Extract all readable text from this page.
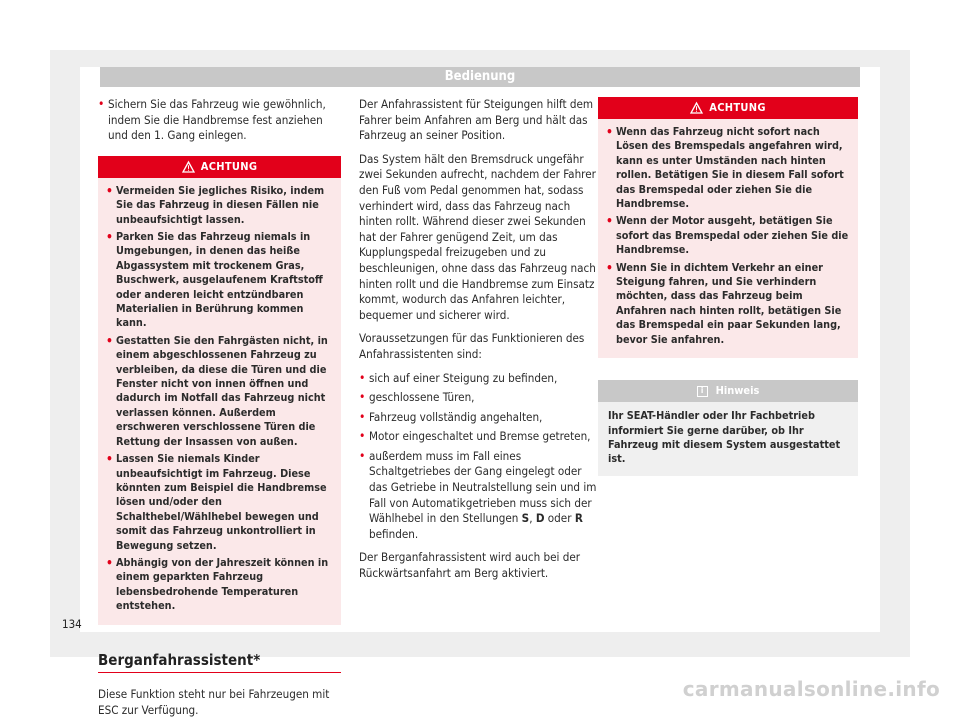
Bedienung
• Sichern Sie das Fahrzeug wie gewöhnlich, indem Sie die Handbremse fest anziehen und den 1. Gang einlegen.
ACHTUNG
• Vermeiden Sie jegliches Risiko, indem Sie das Fahrzeug in diesen Fällen nie unbeaufsichtigt lassen.
• Parken Sie das Fahrzeug niemals in Umgebungen, in denen das heiße Abgassystem mit trockenem Gras, Buschwerk, ausgelaufenem Kraftstoff oder anderen leicht entzündbaren Materialien in Berührung kommen kann.
• Gestatten Sie den Fahrgästen nicht, in einem abgeschlossenen Fahrzeug zu verbleiben, da diese die Türen und die Fenster nicht von innen öffnen und dadurch im Notfall das Fahrzeug nicht verlassen können. Außerdem erschweren verschlossene Türen die Rettung der Insassen von außen.
• Lassen Sie niemals Kinder unbeaufsichtigt im Fahrzeug. Diese könnten zum Beispiel die Handbremse lösen und/oder den Schalthebel/Wählhebel bewegen und somit das Fahrzeug unkontrolliert in Bewegung setzen.
• Abhängig von der Jahreszeit können in einem geparkten Fahrzeug lebensbedrohende Temperaturen entstehen.
Berganfahrassistent*

Diese Funktion steht nur bei Fahrzeugen mit ESC zur Verfügung.

Der Anfahrassistent für Steigungen hilft dem Fahrer beim Anfahren am Berg und hält das Fahrzeug an seiner Position.

Das System hält den Bremsdruck ungefähr zwei Sekunden aufrecht, nachdem der Fahrer den Fuß vom Pedal genommen hat, sodass verhindert wird, dass das Fahrzeug nach hinten rollt. Während dieser zwei Sekunden hat der Fahrer genügend Zeit, um das Kupplungspedal freizugeben und zu beschleunigen, ohne dass das Fahrzeug nach hinten rollt und die Handbremse zum Einsatz kommt, wodurch das Anfahren leichter, bequemer und sicherer wird.

Voraussetzungen für das Funktionieren des Anfahrassistenten sind:

• sich auf einer Steigung zu befinden,
• geschlossene Türen,
• Fahrzeug vollständig angehalten,
• Motor eingeschaltet und Bremse getreten,
• außerdem muss im Fall eines Schaltgetriebes der Gang eingelegt oder das Getriebe in Neutralstellung sein und im Fall von Automatikgetrieben muss sich der Wählhebel in den Stellungen S, D oder R befinden.

Der Berganfahrassistent wird auch bei der Rückwärtsanfahrt am Berg aktiviert.

ACHTUNG
• Wenn das Fahrzeug nicht sofort nach Lösen des Bremspedals angefahren wird, kann es unter Umständen nach hinten rollen. Betätigen Sie in diesem Fall sofort das Bremspedal oder ziehen Sie die Handbremse.
• Wenn der Motor ausgeht, betätigen Sie sofort das Bremspedal oder ziehen Sie die Handbremse.
• Wenn Sie in dichtem Verkehr an einer Steigung fahren, und Sie verhindern möchten, dass das Fahrzeug beim Anfahren nach hinten rollt, betätigen Sie das Bremspedal ein paar Sekunden lang, bevor Sie anfahren.
i	Hinweis
Ihr SEAT-Händler oder Ihr Fachbetrieb informiert Sie gerne darüber, ob Ihr Fahrzeug mit diesem System ausgestattet ist.
134
carmanualsonline.info
